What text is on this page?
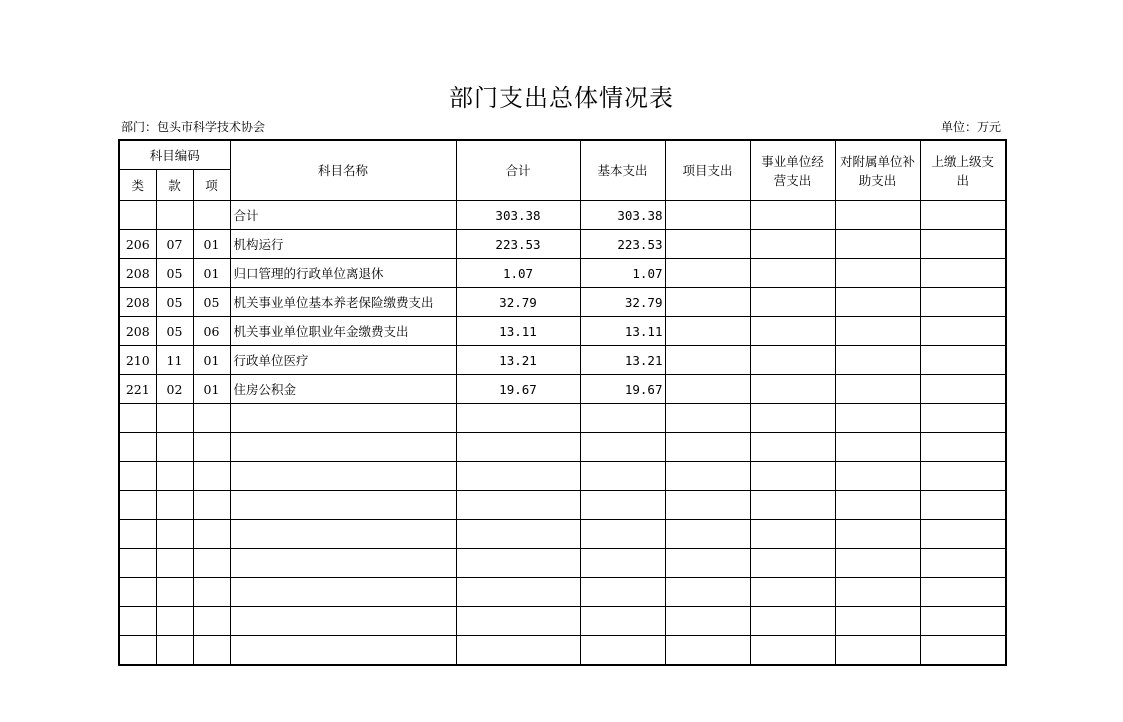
部门支出总体情况表
部门：包头市科学技术协会	单位：万元
科目编码			科目名称	合计	基本支出	项目支出	事业单位经营支出	对附属单位补助支出	上缴上级支出

类	款	项							
			合计	303.38	303.38				
206	07	01	机构运行	223.53	223.53				
208	05	01	归口管理的行政单位离退休	1.07	1.07				
208	05	05	机关事业单位基本养老保险缴费支出	32.79	32.79				
208	05	06	机关事业单位职业年金缴费支出	13.11	13.11				
210	11	01	行政单位医疗	13.21	13.21				
221	02	01	住房公积金	19.67	19.67				
